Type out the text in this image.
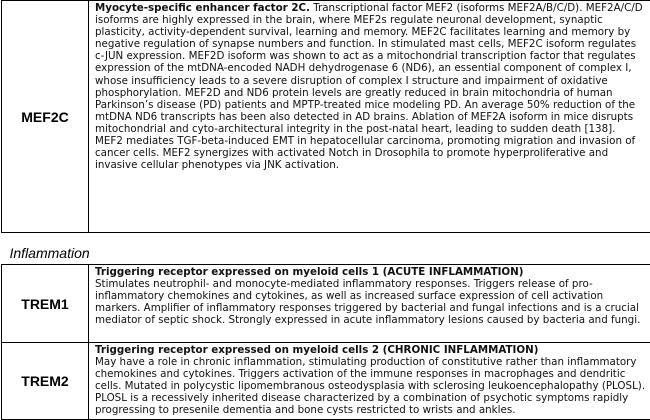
MEF2C	Myocyte-specific enhancer factor 2C. Transcriptional factor MEF2 (isoforms MEF2A/B/C/D). MEF2A/C/D isoforms are highly expressed in the brain, where MEF2s regulate neuronal development, synaptic plasticity, activity-dependent survival, learning and memory. MEF2C facilitates learning and memory by negative regulation of synapse numbers and function. In stimulated mast cells, MEF2C isoform regulates c-JUN expression. MEF2D isoform was shown to act as a mitochondrial transcription factor that regulates expression of the mtDNA-encoded NADH dehydrogenase 6 (ND6), an essential component of complex I, whose insufficiency leads to a severe disruption of complex I structure and impairment of oxidative phosphorylation. MEF2D and ND6 protein levels are greatly reduced in brain mitochondria of human Parkinson’s disease (PD) patients and MPTP-treated mice modeling PD. An average 50% reduction of the mtDNA ND6 transcripts has been also detected in AD brains. Ablation of MEF2A isoform in mice disrupts mitochondrial and cyto-architectural integrity in the post-natal heart, leading to sudden death [138]. MEF2 mediates TGF-beta-induced EMT in hepatocellular carcinoma, promoting migration and invasion of cancer cells. MEF2 synergizes with activated Notch in Drosophila to promote hyperproliferative and invasive cellular phenotypes via JNK activation.
Inflammation	
TREM1	Triggering receptor expressed on myeloid cells 1 (ACUTE INFLAMMATION)
Stimulates neutrophil- and monocyte-mediated inflammatory responses. Triggers release of pro-inflammatory chemokines and cytokines, as well as increased surface expression of cell activation markers. Amplifier of inflammatory responses triggered by bacterial and fungal infections and is a crucial mediator of septic shock. Strongly expressed in acute inflammatory lesions caused by bacteria and fungi.

TREM2	Triggering receptor expressed on myeloid cells 2 (CHRONIC INFLAMMATION)
May have a role in chronic inflammation, stimulating production of constitutive rather than inflammatory chemokines and cytokines. Triggers activation of the immune responses in macrophages and dendritic cells. Mutated in polycystic lipomembranous osteodysplasia with sclerosing leukoencephalopathy (PLOSL). PLOSL is a recessively inherited disease characterized by a combination of psychotic symptoms rapidly progressing to presenile dementia and bone cysts restricted to wrists and ankles.
